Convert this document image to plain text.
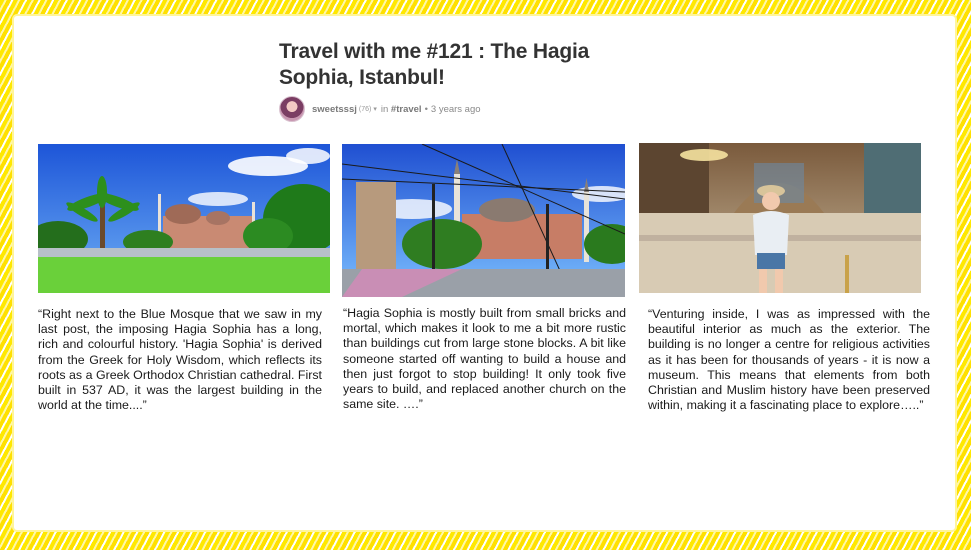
Travel with me #121 : The Hagia Sophia, Istanbul!
sweetsssj (76) ▾ in
#travel • 3 years ago

“Right next to the Blue Mosque that we saw in my last post, the imposing Hagia Sophia has a long, rich and colourful history. 'Hagia Sophia' is derived from the Greek for Holy Wisdom, which reflects its roots as a Greek Orthodox Christian cathedral. First built in 537 AD, it was the largest building in the world at the time....”

“Hagia Sophia is mostly built from small bricks and mortal, which makes it look to me a bit more rustic than buildings cut from large stone blocks. A bit like someone started off wanting to build a house and then just forgot to stop building! It only took five years to build, and replaced another church on the same site. ….”

“Venturing inside, I was as impressed with the beautiful interior as much as the exterior. The building is no longer a centre for religious activities as it has been for thousands of years - it is now a museum. This means that elements from both Christian and Muslim history have been preserved within, making it a fascinating place to explore…..”
